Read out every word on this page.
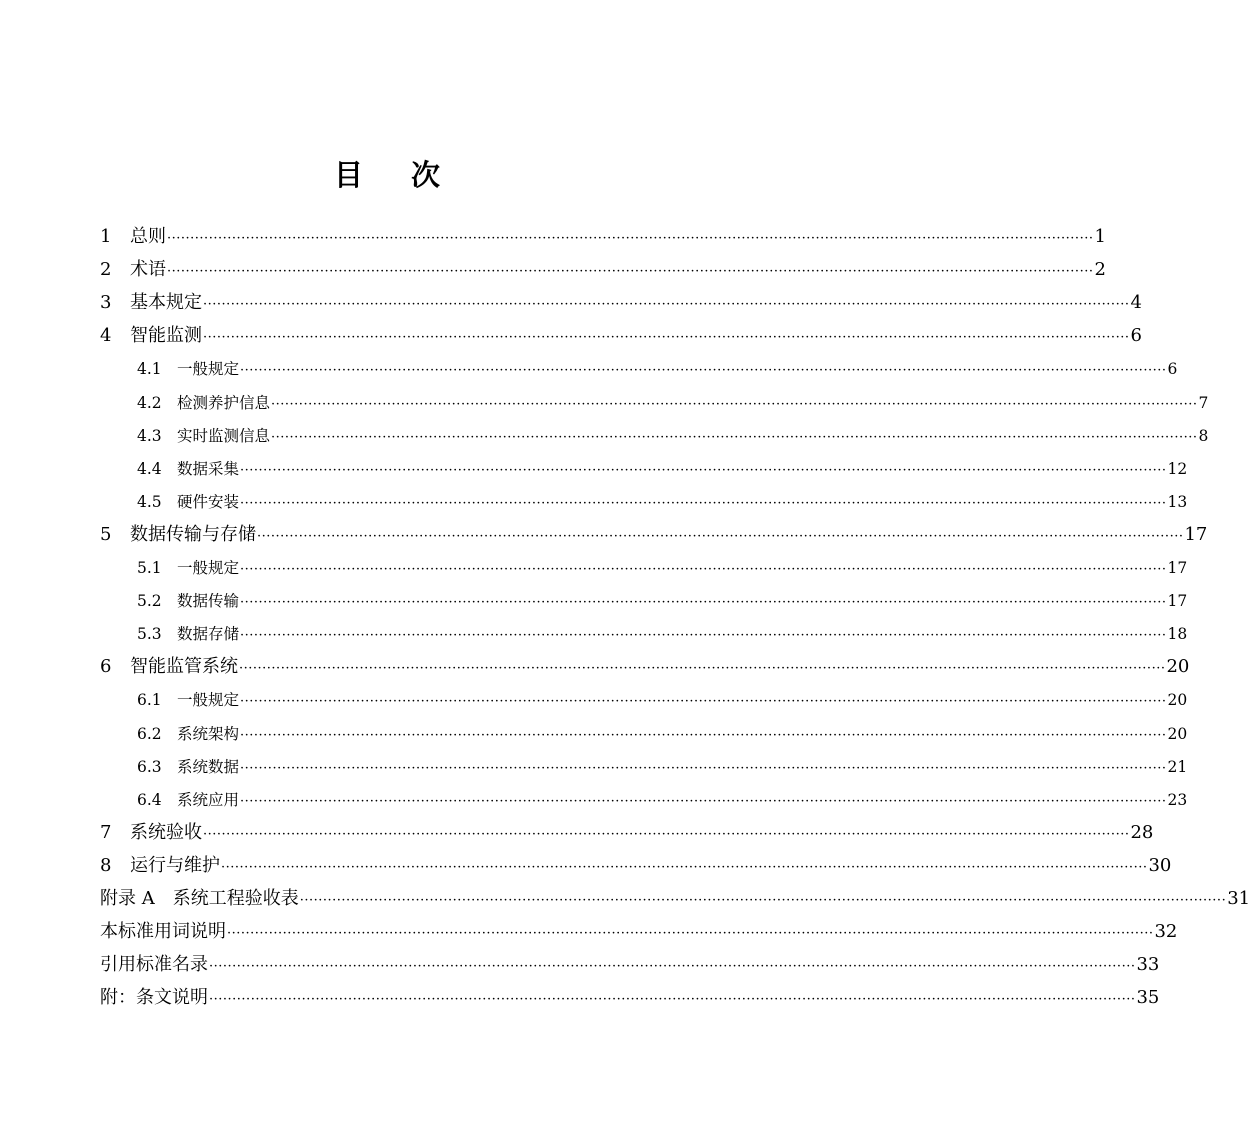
目 次
1	总则 ········································································································································································································ 1
2	术语 ········································································································································································································ 2
3	基本规定 ········································································································································································································ 4
4	智能监测 ········································································································································································································ 6
4.1 一般规定 ········································································································································································································ 6
4.2 检测养护信息 ········································································································································································································ 7
4.3 实时监测信息 ········································································································································································································ 8
4.4 数据采集 ········································································································································································································ 12
4.5 硬件安装 ········································································································································································································ 13
5	数据传输与存储 ········································································································································································································ 17
5.1 一般规定 ········································································································································································································ 17
5.2 数据传输 ········································································································································································································ 17
5.3 数据存储 ········································································································································································································ 18
6	智能监管系统 ········································································································································································································ 20
6.1 一般规定 ········································································································································································································ 20
6.2 系统架构 ········································································································································································································ 20
6.3 系统数据 ········································································································································································································ 21
6.4 系统应用 ········································································································································································································ 23
7	系统验收 ········································································································································································································ 28
8	运行与维护 ········································································································································································································ 30
附录 A　系统工程验收表 ········································································································································································································ 31
本标准用词说明 ········································································································································································································ 32
引用标准名录 ········································································································································································································ 33
附：条文说明 ········································································································································································································ 35
